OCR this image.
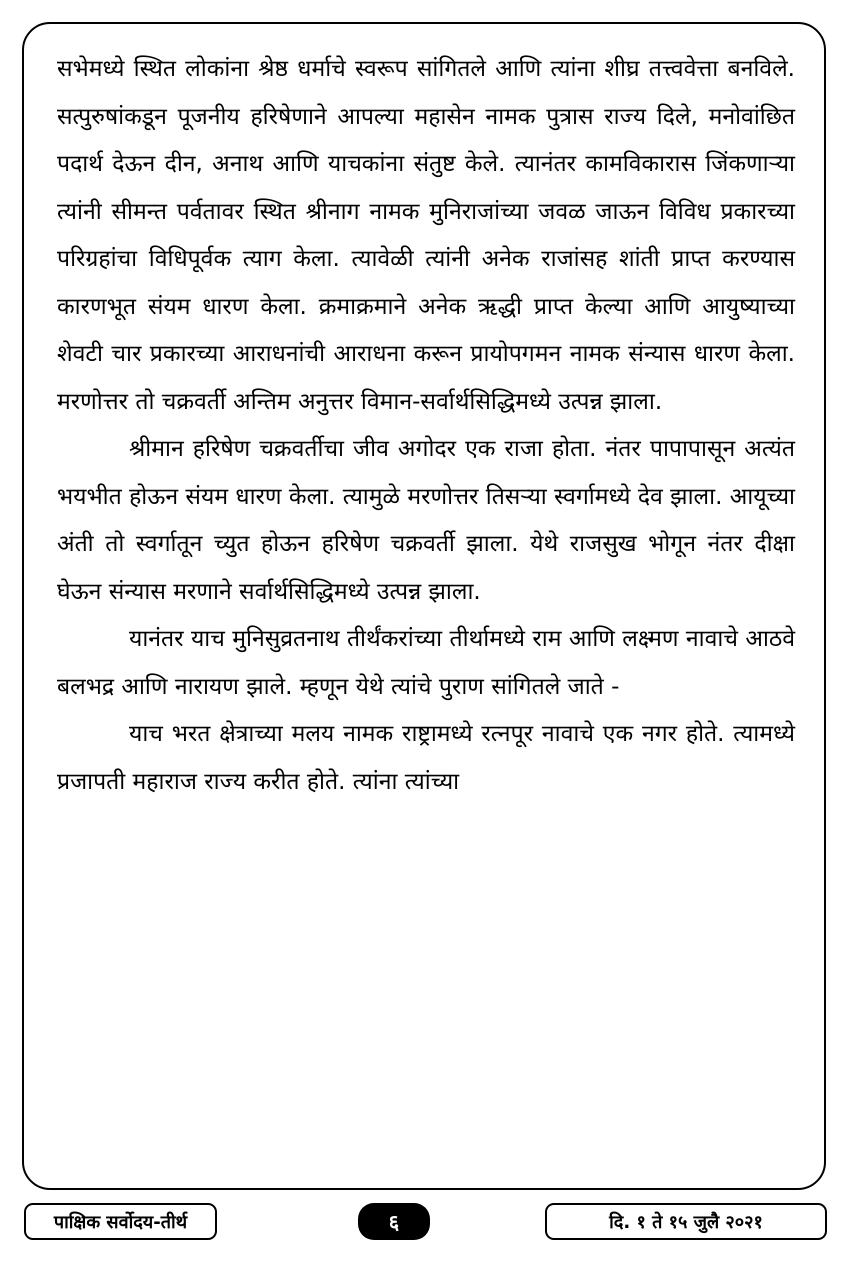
सभेमध्ये स्थित लोकांना श्रेष्ठ धर्माचे स्वरूप सांगितले आणि त्यांना शीघ्र तत्त्ववेत्ता बनविले. सत्पुरुषांकडून पूजनीय हरिषेणाने आपल्या महासेन नामक पुत्रास राज्य दिले, मनोवांछित पदार्थ देऊन दीन, अनाथ आणि याचकांना संतुष्ट केले. त्यानंतर कामविकारास जिंकणाऱ्या त्यांनी सीमन्त पर्वतावर स्थित श्रीनाग नामक मुनिराजांच्या जवळ जाऊन विविध प्रकारच्या परिग्रहांचा विधिपूर्वक त्याग केला. त्यावेळी त्यांनी अनेक राजांसह शांती प्राप्त करण्यास कारणभूत संयम धारण केला. क्रमाक्रमाने अनेक ऋद्धी प्राप्त केल्या आणि आयुष्याच्या शेवटी चार प्रकारच्या आराधनांची आराधना करून प्रायोपगमन नामक संन्यास धारण केला. मरणोत्तर तो चक्रवर्ती अन्तिम अनुत्तर विमान-सर्वार्थसिद्धिमध्ये उत्पन्न झाला.

श्रीमान हरिषेण चक्रवर्तीचा जीव अगोदर एक राजा होता. नंतर पापापासून अत्यंत भयभीत होऊन संयम धारण केला. त्यामुळे मरणोत्तर तिसऱ्या स्वर्गामध्ये देव झाला. आयूच्या अंती तो स्वर्गातून च्युत होऊन हरिषेण चक्रवर्ती झाला. येथे राजसुख भोगून नंतर दीक्षा घेऊन संन्यास मरणाने सर्वार्थसिद्धिमध्ये उत्पन्न झाला.

यानंतर याच मुनिसुव्रतनाथ तीर्थंकरांच्या तीर्थामध्ये राम आणि लक्ष्मण नावाचे आठवे बलभद्र आणि नारायण झाले. म्हणून येथे त्यांचे पुराण सांगितले जाते -

याच भरत क्षेत्राच्या मलय नामक राष्ट्रामध्ये रत्नपूर नावाचे एक नगर होते. त्यामध्ये प्रजापती महाराज राज्य करीत होते. त्यांना त्यांच्या

पाक्षिक सर्वोदय-तीर्थ	६	दि. १ ते १५ जुलै २०२१
